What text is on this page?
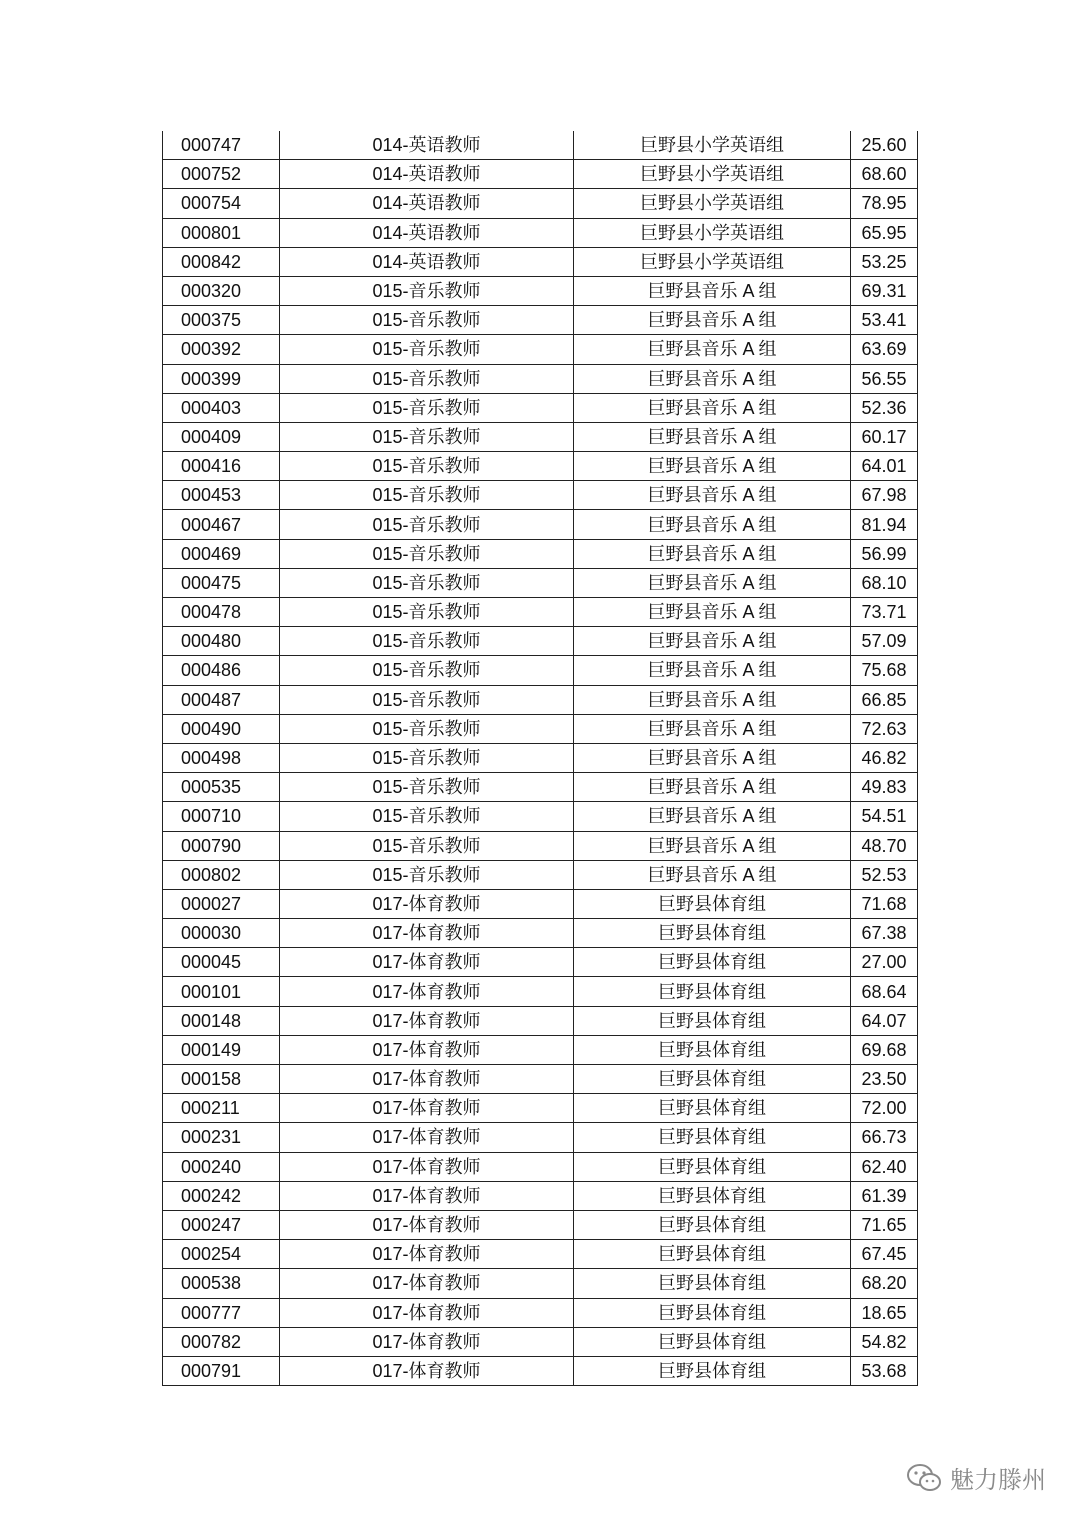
000747	014-英语教师	巨野县小学英语组	25.60
000752	014-英语教师	巨野县小学英语组	68.60
000754	014-英语教师	巨野县小学英语组	78.95
000801	014-英语教师	巨野县小学英语组	65.95
000842	014-英语教师	巨野县小学英语组	53.25
000320	015-音乐教师	巨野县音乐 A 组	69.31
000375	015-音乐教师	巨野县音乐 A 组	53.41
000392	015-音乐教师	巨野县音乐 A 组	63.69
000399	015-音乐教师	巨野县音乐 A 组	56.55
000403	015-音乐教师	巨野县音乐 A 组	52.36
000409	015-音乐教师	巨野县音乐 A 组	60.17
000416	015-音乐教师	巨野县音乐 A 组	64.01
000453	015-音乐教师	巨野县音乐 A 组	67.98
000467	015-音乐教师	巨野县音乐 A 组	81.94
000469	015-音乐教师	巨野县音乐 A 组	56.99
000475	015-音乐教师	巨野县音乐 A 组	68.10
000478	015-音乐教师	巨野县音乐 A 组	73.71
000480	015-音乐教师	巨野县音乐 A 组	57.09
000486	015-音乐教师	巨野县音乐 A 组	75.68
000487	015-音乐教师	巨野县音乐 A 组	66.85
000490	015-音乐教师	巨野县音乐 A 组	72.63
000498	015-音乐教师	巨野县音乐 A 组	46.82
000535	015-音乐教师	巨野县音乐 A 组	49.83
000710	015-音乐教师	巨野县音乐 A 组	54.51
000790	015-音乐教师	巨野县音乐 A 组	48.70
000802	015-音乐教师	巨野县音乐 A 组	52.53
000027	017-体育教师	巨野县体育组	71.68
000030	017-体育教师	巨野县体育组	67.38
000045	017-体育教师	巨野县体育组	27.00
000101	017-体育教师	巨野县体育组	68.64
000148	017-体育教师	巨野县体育组	64.07
000149	017-体育教师	巨野县体育组	69.68
000158	017-体育教师	巨野县体育组	23.50
000211	017-体育教师	巨野县体育组	72.00
000231	017-体育教师	巨野县体育组	66.73
000240	017-体育教师	巨野县体育组	62.40
000242	017-体育教师	巨野县体育组	61.39
000247	017-体育教师	巨野县体育组	71.65
000254	017-体育教师	巨野县体育组	67.45
000538	017-体育教师	巨野县体育组	68.20
000777	017-体育教师	巨野县体育组	18.65
000782	017-体育教师	巨野县体育组	54.82
000791	017-体育教师	巨野县体育组	53.68
魅力滕州
